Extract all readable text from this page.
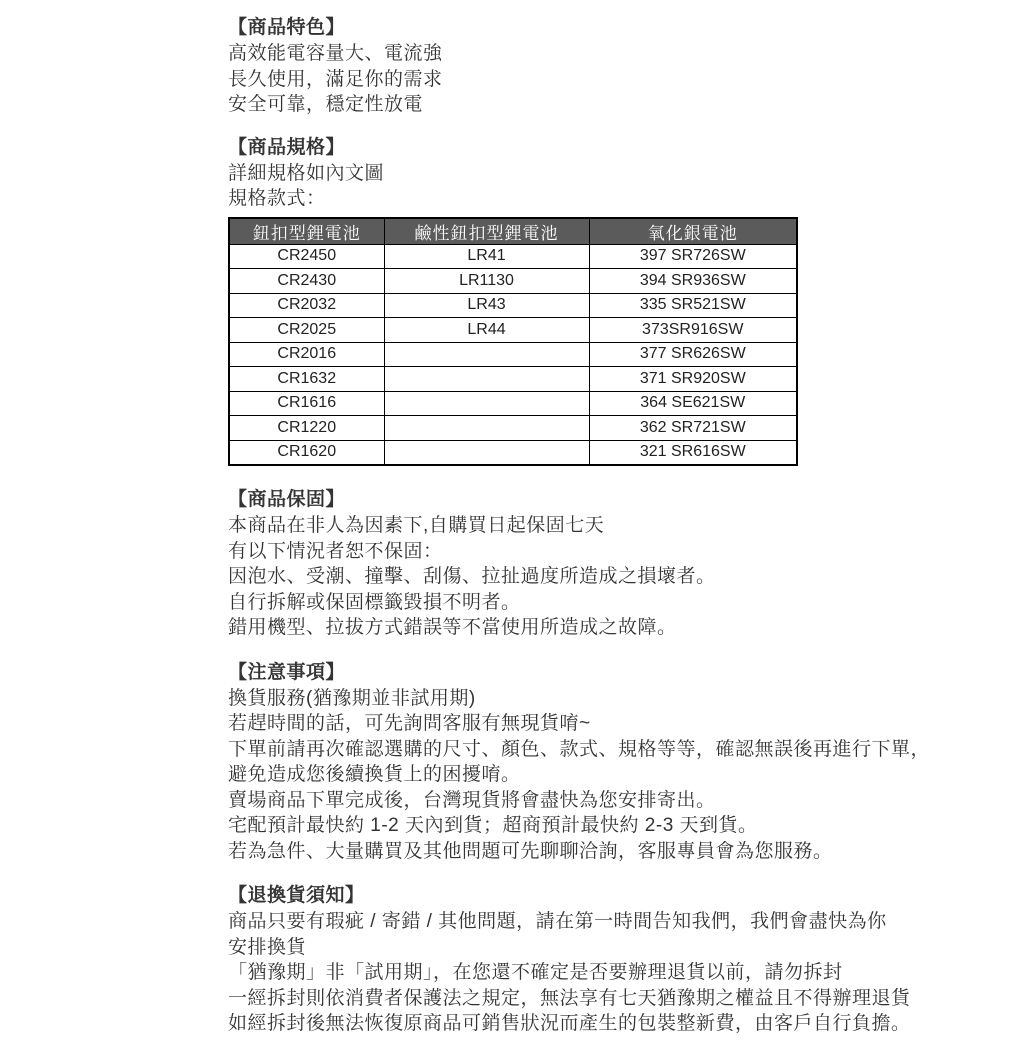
【商品特色】

高效能電容量大、電流強

長久使用，滿足你的需求

安全可靠，穩定性放電

【商品規格】

詳細規格如內文圖

規格款式：

鈕扣型鋰電池	鹼性鈕扣型鋰電池	氧化銀電池
CR2450	LR41	397 SR726SW
CR2430	LR1130	394 SR936SW
CR2032	LR43	335 SR521SW
CR2025	LR44	373SR916SW
CR2016		377 SR626SW
CR1632		371 SR920SW
CR1616		364 SE621SW
CR1220		362 SR721SW
CR1620		321 SR616SW
【商品保固】

本商品在非人為因素下,自購買日起保固七天

有以下情況者恕不保固：

因泡水、受潮、撞擊、刮傷、拉扯過度所造成之損壞者。

自行拆解或保固標籤毀損不明者。

錯用機型、拉拔方式錯誤等不當使用所造成之故障。

【注意事項】

換貨服務(猶豫期並非試用期)

若趕時間的話，可先詢問客服有無現貨唷~

下單前請再次確認選購的尺寸、顏色、款式、規格等等，確認無誤後再進行下單，

避免造成您後續換貨上的困擾唷。

賣場商品下單完成後，台灣現貨將會盡快為您安排寄出。

宅配預計最快約 1-2 天內到貨；超商預計最快約 2-3 天到貨。

若為急件、大量購買及其他問題可先聊聊洽詢，客服專員會為您服務。

【退換貨須知】

商品只要有瑕疵 / 寄錯 / 其他問題，請在第一時間告知我們，我們會盡快為你

安排換貨

「猶豫期」非「試用期」，在您還不確定是否要辦理退貨以前，請勿拆封

一經拆封則依消費者保護法之規定，無法享有七天猶豫期之權益且不得辦理退貨

如經拆封後無法恢復原商品可銷售狀況而產生的包裝整新費，由客戶自行負擔。
